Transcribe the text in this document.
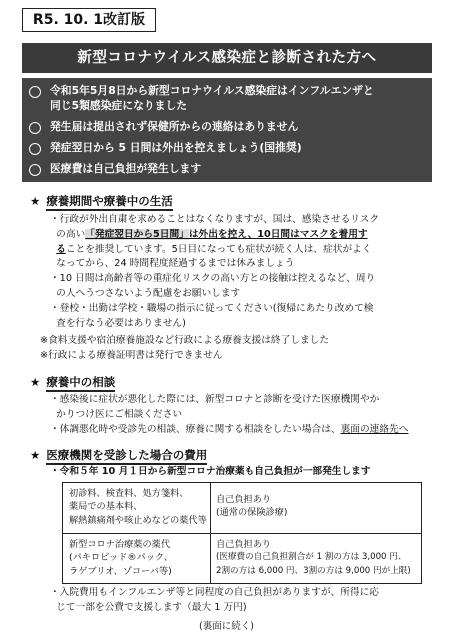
R5. 10. 1改訂版
新型コロナウイルス感染症と診断された方へ
令和5年5月8日から新型コロナウイルス感染症はインフルエンザと
同じ5類感染症になりました
発生届は提出されず保健所からの連絡はありません
発症翌日から 5 日間は外出を控えましょう(国推奨)
医療費は自己負担が発生します
★ 療養期間や療養中の生活
・行政が外出自粛を求めることはなくなりますが、国は、感染させるリスク
の高い「発症翌日から5日間」は外出を控え、10日間はマスクを着用す
ることを推奨しています。5日目になっても症状が続く人は、症状がよく
なってから、24 時間程度経過するまでは休みましょう
・10 日間は高齢者等の重症化リスクの高い方との接触は控えるなど、周り
の人へうつさないよう配慮をお願いします
・登校・出勤は学校・職場の指示に従ってください(復帰にあたり改めて検
査を行なう必要はありません)
※食料支援や宿泊療養施設など行政による療養支援は終了しました
※行政による療養証明書は発行できません
★ 療養中の相談
・感染後に症状が悪化した際には、新型コロナと診断を受けた医療機関やか
かりつけ医にご相談ください
・体調悪化時や受診先の相談、療養に関する相談をしたい場合は、裏面の連絡先へ
★ 医療機関を受診した場合の費用
・令和５年 10 月１日から新型コロナ治療薬も自己負担が一部発生します
初診料、検査料、処方箋料、
薬局での基本料、
解熱鎮痛剤や咳止めなどの薬代等
自己負担あり
(通常の保険診療)
新型コロナ治療薬の薬代
(パキロビッド®パック、
ラゲブリオ、ゾコーバ等)
自己負担あり
(医療費の自己負担割合が 1 割の方は 3,000 円、
2割の方は 6,000 円、3割の方は 9,000 円が上限)
・入院費用もインフルエンザ等と同程度の自己負担がありますが、所得に応
じて一部を公費で支援します（最大 1 万円)
(裏面に続く)
